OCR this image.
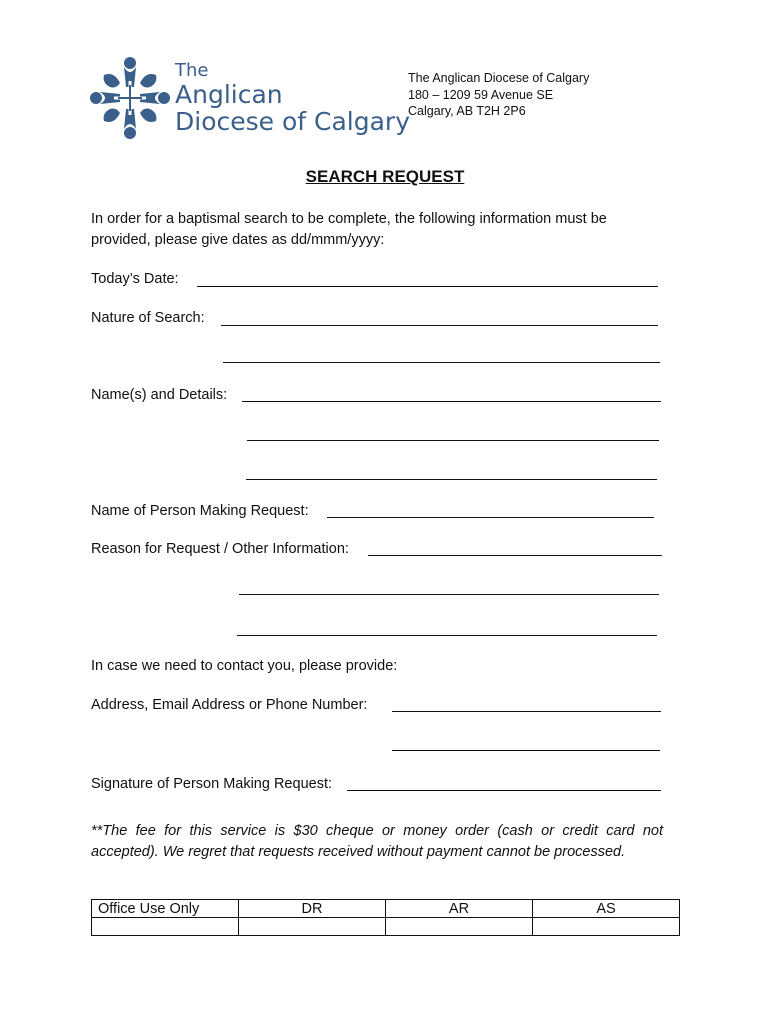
The
Anglican
Diocese of Calgary
The Anglican Diocese of Calgary
180 – 1209 59 Avenue SE
Calgary, AB T2H 2P6
SEARCH REQUEST
In order for a baptismal search to be complete, the following information must be provided, please give dates as dd/mmm/yyyy:
Today’s Date:
Nature of Search:
Name(s) and Details:
Name of Person Making Request:
Reason for Request / Other Information:
In case we need to contact you, please provide:
Address, Email Address or Phone Number:
Signature of Person Making Request:
**The fee for this service is $30 cheque or money order (cash or credit card not accepted). We regret that requests received without payment cannot be processed.
Office Use Only	DR	AR	AS
